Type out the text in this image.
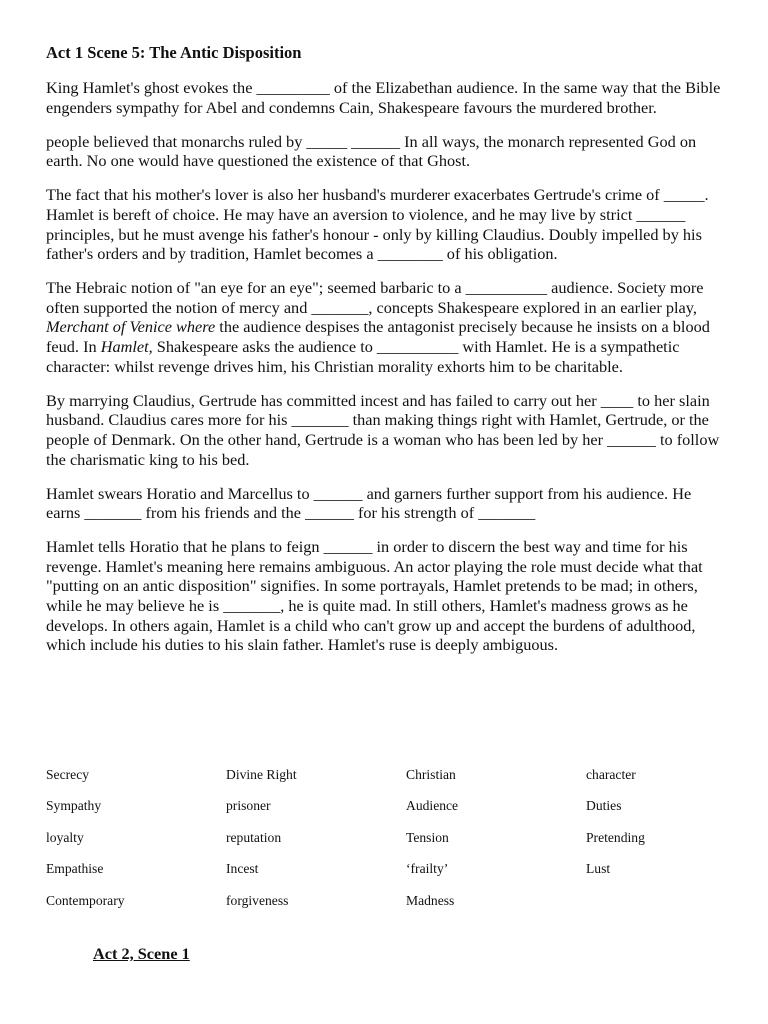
Act 1 Scene 5: The Antic Disposition

King Hamlet's ghost evokes the _________ of the Elizabethan audience. In the same way that the Bible engenders sympathy for Abel and condemns Cain, Shakespeare favours the murdered brother.

people believed that monarchs ruled by _____ ______ In all ways, the monarch represented God on earth. No one would have questioned the existence of that Ghost.

The fact that his mother's lover is also her husband's murderer exacerbates Gertrude's crime of _____. Hamlet is bereft of choice. He may have an aversion to violence, and he may live by strict ______ principles, but he must avenge his father's honour - only by killing Claudius. Doubly impelled by his father's orders and by tradition, Hamlet becomes a ________ of his obligation.

The Hebraic notion of "an eye for an eye"; seemed barbaric to a __________ audience. Society more often supported the notion of mercy and _______, concepts Shakespeare explored in an earlier play, Merchant of Venice where the audience despises the antagonist precisely because he insists on a blood feud. In Hamlet, Shakespeare asks the audience to __________ with Hamlet. He is a sympathetic character: whilst revenge drives him, his Christian morality exhorts him to be charitable.

By marrying Claudius, Gertrude has committed incest and has failed to carry out her ____ to her slain husband. Claudius cares more for his _______ than making things right with Hamlet, Gertrude, or the people of Denmark. On the other hand, Gertrude is a woman who has been led by her ______ to follow the charismatic king to his bed.

Hamlet swears Horatio and Marcellus to ______ and garners further support from his audience. He earns _______ from his friends and the ______ for his strength of _______

Hamlet tells Horatio that he plans to feign ______ in order to discern the best way and time for his revenge. Hamlet's meaning here remains ambiguous. An actor playing the role must decide what that "putting on an antic disposition" signifies. In some portrayals, Hamlet pretends to be mad; in others, while he may believe he is _______, he is quite mad. In still others, Hamlet's madness grows as he develops. In others again, Hamlet is a child who can't grow up and accept the burdens of adulthood, which include his duties to his slain father. Hamlet's ruse is deeply ambiguous.

Secrecy	Divine Right	Christian	character
Sympathy	prisoner	Audience	Duties
loyalty	reputation	Tension	Pretending
Empathise	Incest	‘frailty’	Lust
Contemporary	forgiveness	Madness
Act 2, Scene 1
